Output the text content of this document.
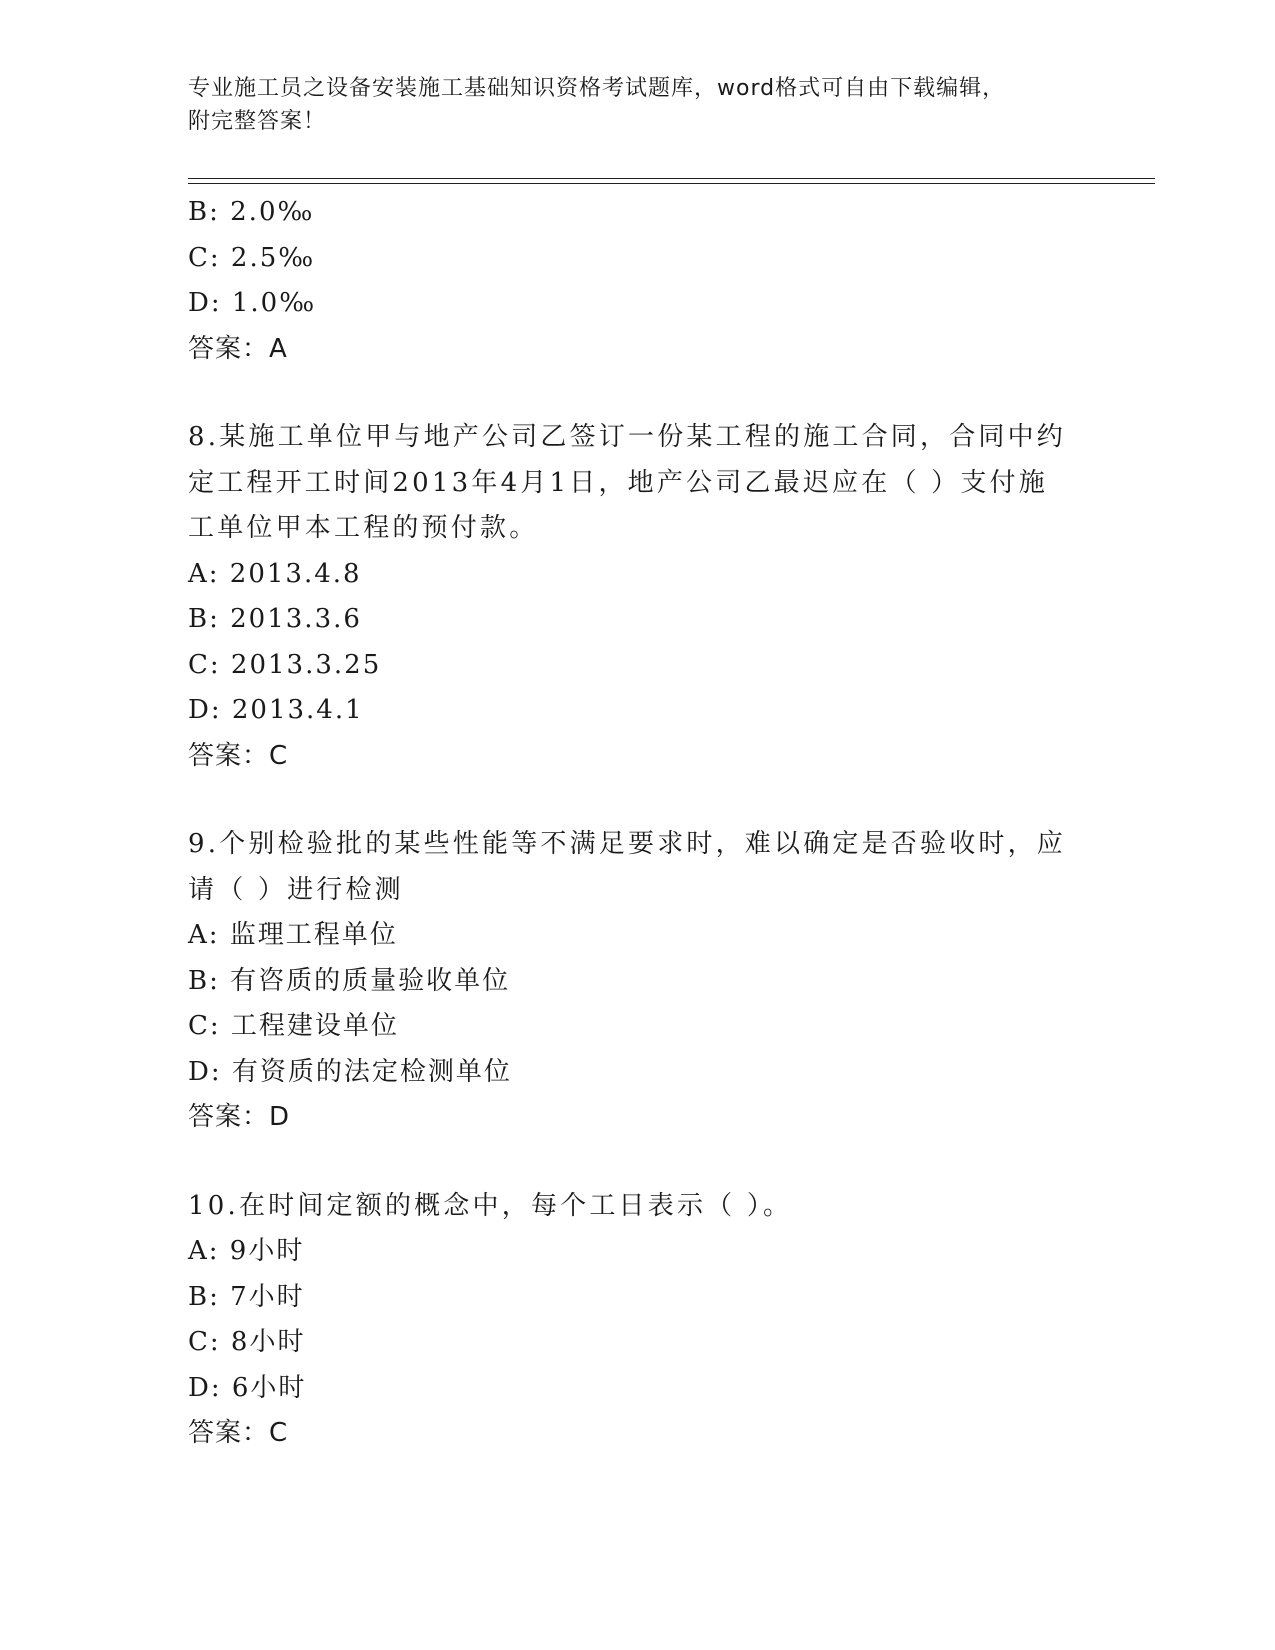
专业施工员之设备安装施工基础知识资格考试题库，word格式可自由下载编辑，
附完整答案！
B: 2.0‰
C: 2.5‰
D: 1.0‰
答案：A
8.某施工单位甲与地产公司乙签订一份某工程的施工合同，合同中约
定工程开工时间2013年4月1日，地产公司乙最迟应在（ ）支付施
工单位甲本工程的预付款。
A: 2013.4.8
B: 2013.3.6
C: 2013.3.25
D: 2013.4.1
答案：C
9.个别检验批的某些性能等不满足要求时，难以确定是否验收时，应
请（ ）进行检测
A: 监理工程单位
B: 有咨质的质量验收单位
C: 工程建设单位
D: 有资质的法定检测单位
答案：D
10.在时间定额的概念中，每个工日表示（ ）。
A: 9小时
B: 7小时
C: 8小时
D: 6小时
答案：C
